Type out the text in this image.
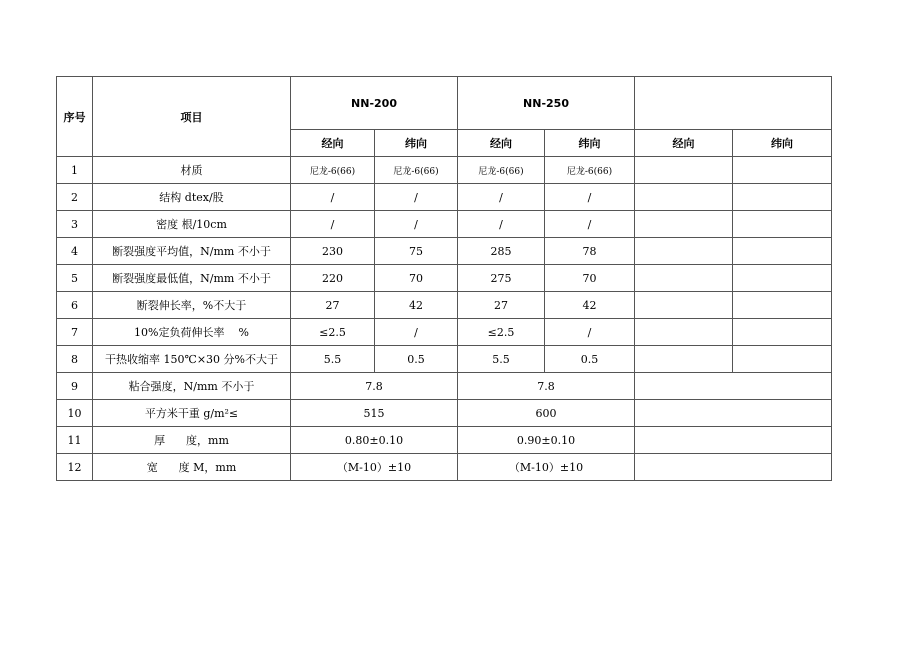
序号	项目	NN-200		NN-250			
		经向	纬向	经向	纬向	经向	纬向
1	材质	尼龙-6(66)	尼龙-6(66)	尼龙-6(66)	尼龙-6(66)		
2	结构 dtex/股	/	/	/	/		
3	密度 根/10cm	/	/	/	/		
4	断裂强度平均值，N/mm 不小于	230	75	285	78		
5	断裂强度最低值，N/mm 不小于	220	70	275	70		
6	断裂伸长率，%不大于	27	42	27	42		
7	10%定负荷伸长率    %	≤2.5	/	≤2.5	/		
8	干热收缩率 150℃×30 分%不大于	5.5	0.5	5.5	0.5		
9	粘合强度，N/mm 不小于	7.8		7.8			
10	平方米干重 g/m²≤	515		600			
11	厚      度，mm	0.80±0.10		0.90±0.10			
12	宽      度 M，mm	（M-10）±10		（M-10）±10			
